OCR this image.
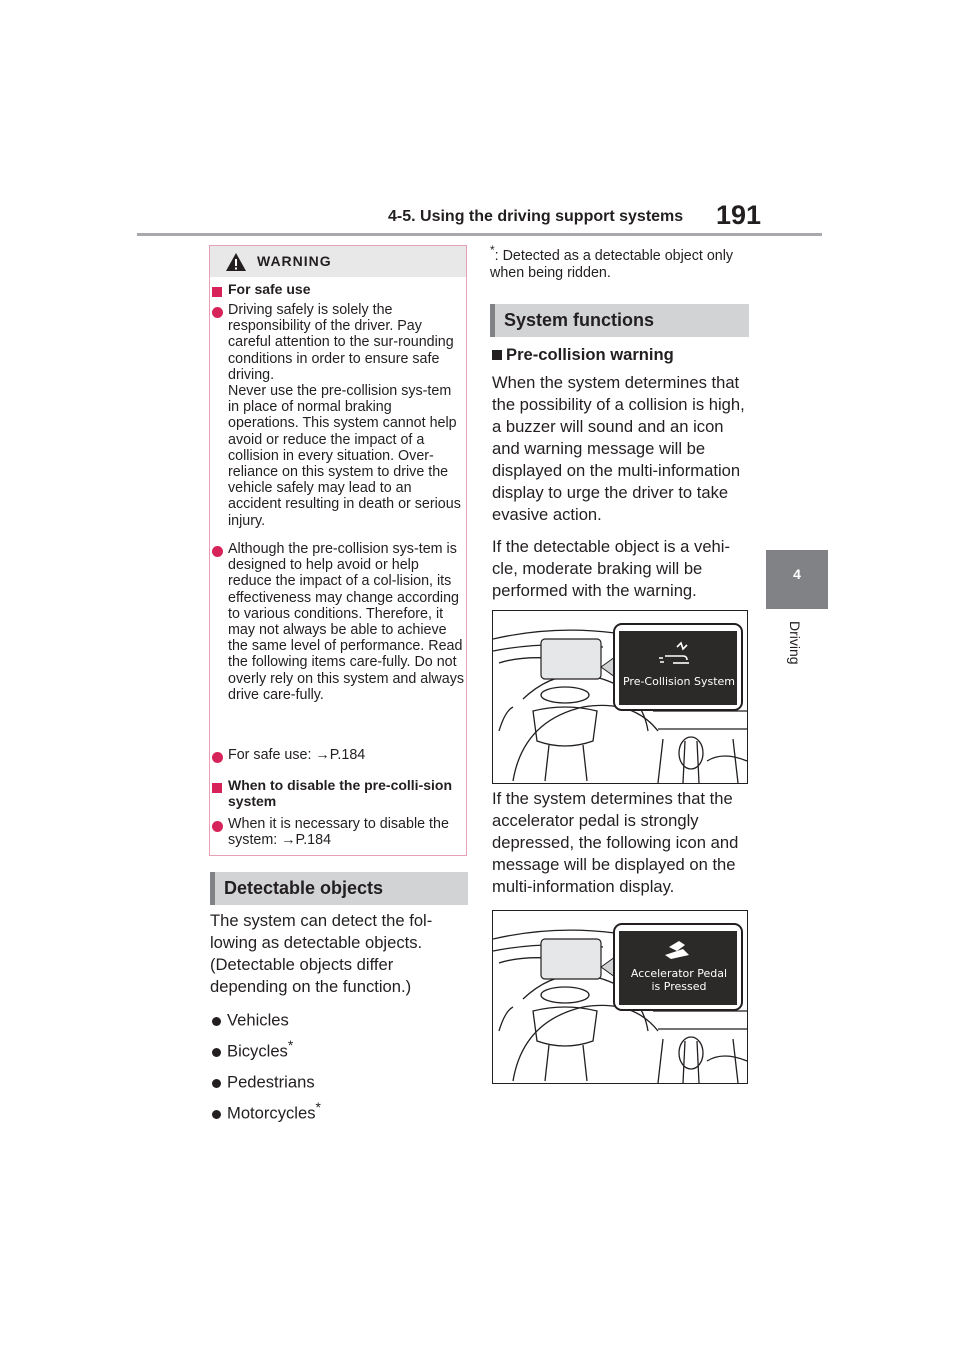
4-5. Using the driving support systems 191
4
Driving
WARNING
For safe use
Driving safely is solely the responsibility of the driver. Pay careful attention to the sur-rounding conditions in order to ensure safe driving.
Never use the pre-collision sys-tem in place of normal braking operations. This system cannot help avoid or reduce the impact of a collision in every situation. Over-reliance on this system to drive the vehicle safely may lead to an accident resulting in death or serious injury.
Although the pre-collision sys-tem is designed to help avoid or help reduce the impact of a col-lision, its effectiveness may change according to various conditions. Therefore, it may not always be able to achieve the same level of performance. Read the following items care-fully. Do not overly rely on this system and always drive care-fully.
For safe use: →P.184
When to disable the pre-colli-sion system
When it is necessary to disable the system: →P.184
Detectable objects
The system can detect the fol-lowing as detectable objects. (Detectable objects differ depending on the function.)
Vehicles
Bicycles*
Pedestrians
Motorcycles*
*: Detected as a detectable object only when being ridden.
System functions
Pre-collision warning
When the system determines that the possibility of a collision is high, a buzzer will sound and an icon and warning message will be displayed on the multi-information display to urge the driver to take evasive action.
If the detectable object is a vehi-cle, moderate braking will be performed with the warning.
Pre-Collision System
If the system determines that the accelerator pedal is strongly depressed, the following icon and message will be displayed on the multi-information display.
Accelerator Pedal
is Pressed
